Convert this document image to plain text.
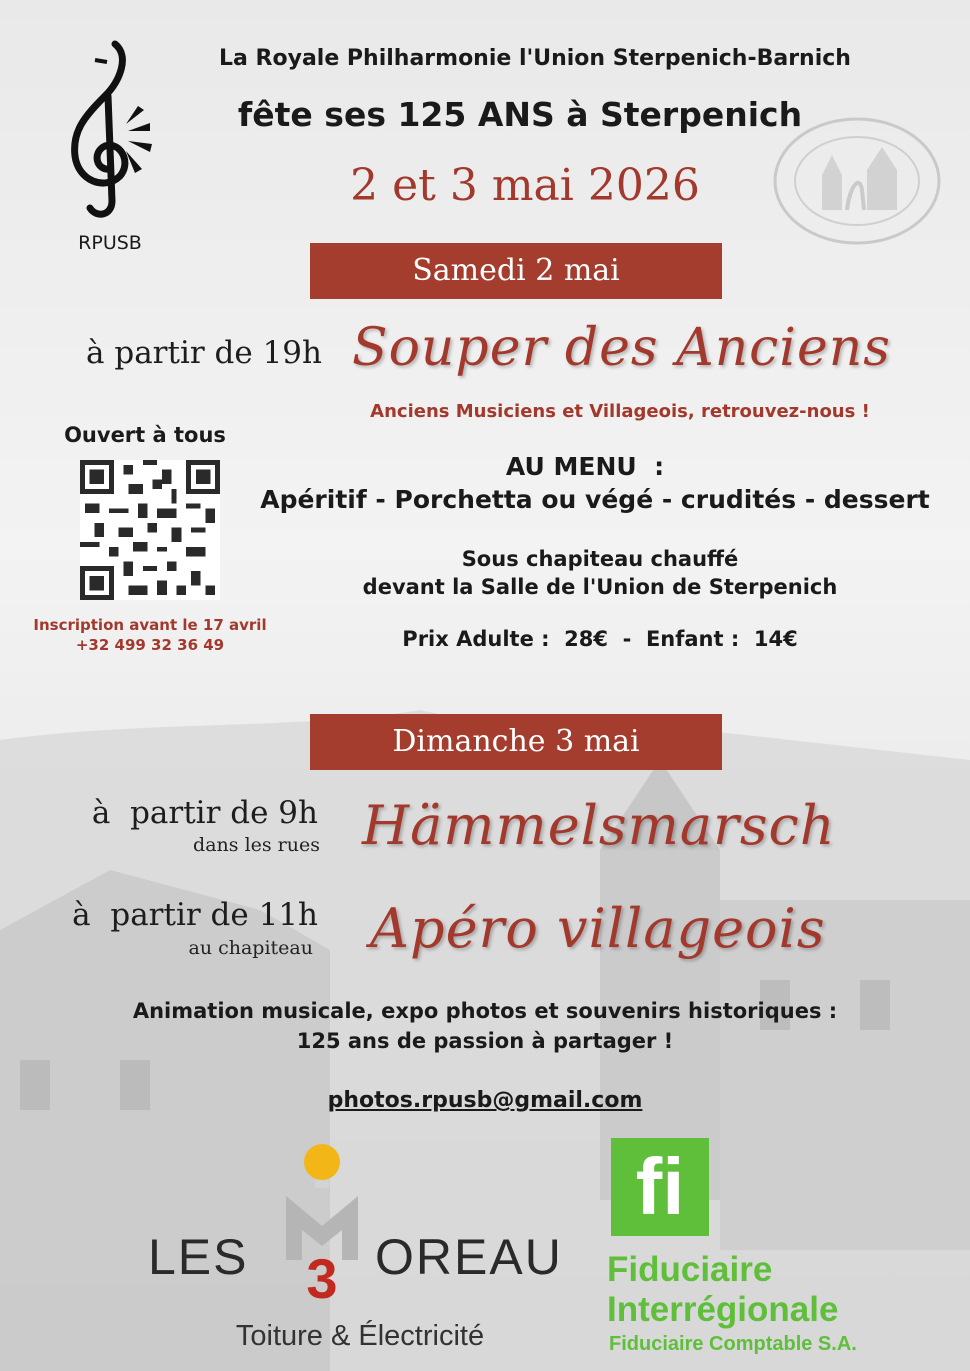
RPUSB
La Royale Philharmonie l'Union Sterpenich-Barnich
fête ses 125 ANS à Sterpenich
2 et 3 mai 2026
Samedi 2 mai
à partir de 19h Souper des Anciens
Anciens Musiciens et Villageois, retrouvez-nous !
Ouvert à tous
Inscription avant le 17 avril
+32 499 32 36 49
AU MENU  :
Apéritif - Porchetta ou végé - crudités - dessert
Sous chapiteau chauffé
devant la Salle de l'Union de Sterpenich
Prix Adulte :  28€  -  Enfant :  14€
Dimanche 3 mai
à  partir de 9h
dans les rues Hämmelsmarsch
à  partir de 11h
au chapiteau Apéro villageois
Animation musicale, expo photos et souvenirs historiques :
125 ans de passion à partager !
photos.rpusb@gmail.com
3
LES	OREAU
Toiture & Électricité
fi
Fiduciaire
Interrégionale
Fiduciaire Comptable S.A.
